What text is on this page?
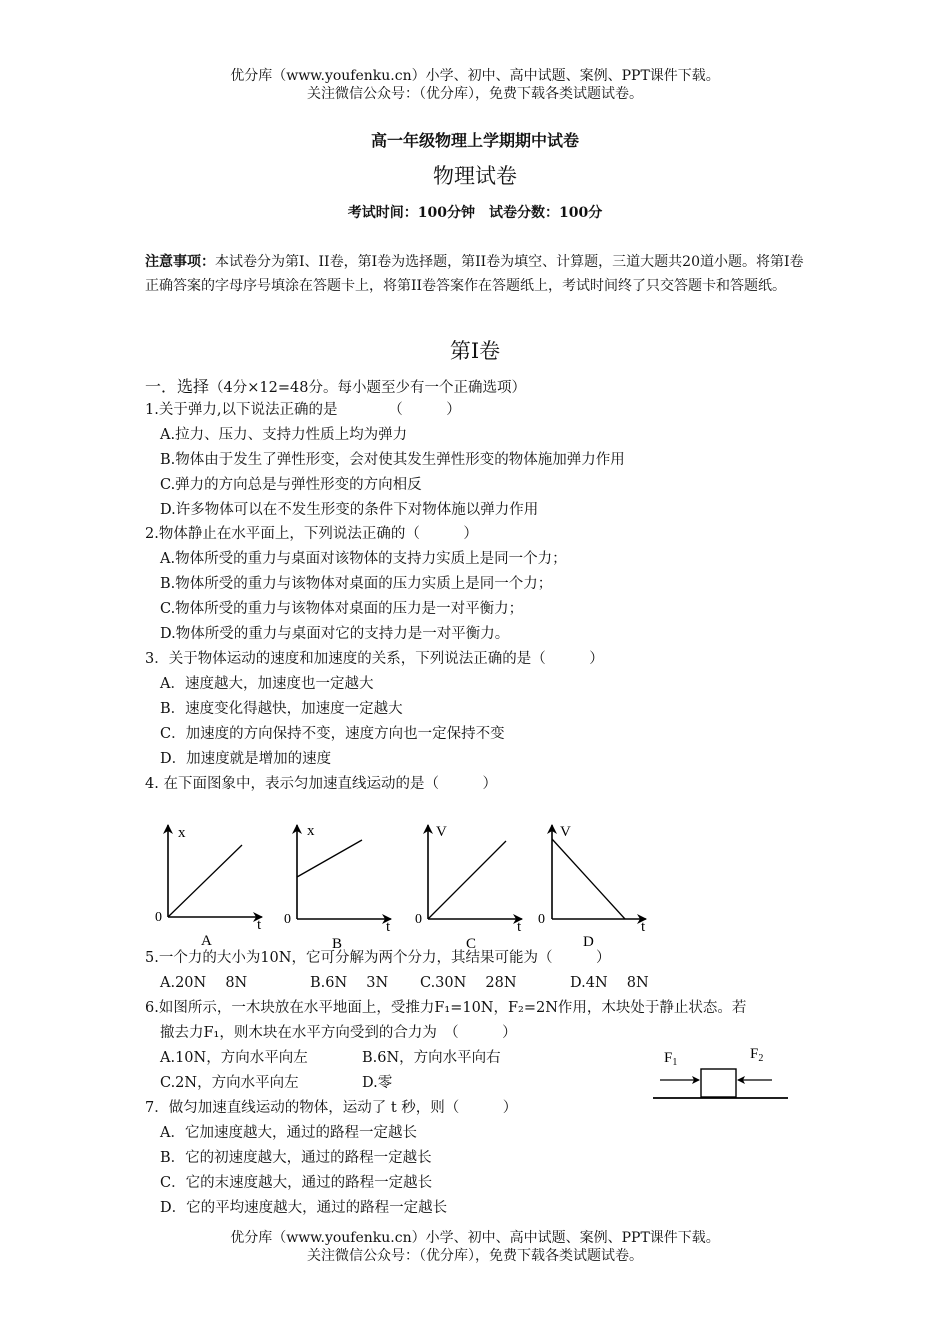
优分库（www.youfenku.cn）小学、初中、高中试题、案例、PPT课件下载。
关注微信公众号：（优分库），免费下载各类试题试卷。
高一年级物理上学期期中试卷
物理试卷
考试时间：100分钟　试卷分数：100分
注意事项：本试卷分为第I、II卷，第I卷为选择题，第II卷为填空、计算题，三道大题共20道小题。将第I卷正确答案的字母序号填涂在答题卡上，将第II卷答案作在答题纸上，考试时间终了只交答题卡和答题纸。
第I卷
一．选择（4分×12=48分。每小题至少有一个正确选项）
1.关于弹力,以下说法正确的是　　　　（　　　）
A.拉力、压力、支持力性质上均为弹力
B.物体由于发生了弹性形变，会对使其发生弹性形变的物体施加弹力作用
C.弹力的方向总是与弹性形变的方向相反
D.许多物体可以在不发生形变的条件下对物体施以弹力作用
2.物体静止在水平面上，下列说法正确的（　　　）
A.物体所受的重力与桌面对该物体的支持力实质上是同一个力；
B.物体所受的重力与该物体对桌面的压力实质上是同一个力；
C.物体所受的重力与该物体对桌面的压力是一对平衡力；
D.物体所受的重力与桌面对它的支持力是一对平衡力。
3．关于物体运动的速度和加速度的关系，下列说法正确的是（　　　）
A．速度越大，加速度也一定越大
B．速度变化得越快，加速度一定越大
C．加速度的方向保持不变，速度方向也一定保持不变
D．加速度就是增加的速度
4. 在下面图象中，表示匀加速直线运动的是（　　　）
x
t
0
A
x
t
0
B
V
t
0
C
V
t
0
D
5.一个力的大小为10N，它可分解为两个分力，其结果可能为（　　　）
A.20N　 8N	B.6N　 3N C.30N　 28N	D.4N　 8N
6.如图所示，一木块放在水平地面上，受推力F₁=10N，F₂=2N作用，木块处于静止状态。若
撤去力F₁，则木块在水平方向受到的合力为　（　　　）
A.10N，方向水平向左	B.6N，方向水平向右
C.2N，方向水平向左	D.零
$F_1$
$F_2$
7．做匀加速直线运动的物体，运动了 t 秒，则（　　　）
A．它加速度越大，通过的路程一定越长
B．它的初速度越大，通过的路程一定越长
C．它的末速度越大，通过的路程一定越长
D．它的平均速度越大，通过的路程一定越长
优分库（www.youfenku.cn）小学、初中、高中试题、案例、PPT课件下载。
关注微信公众号：（优分库），免费下载各类试题试卷。
